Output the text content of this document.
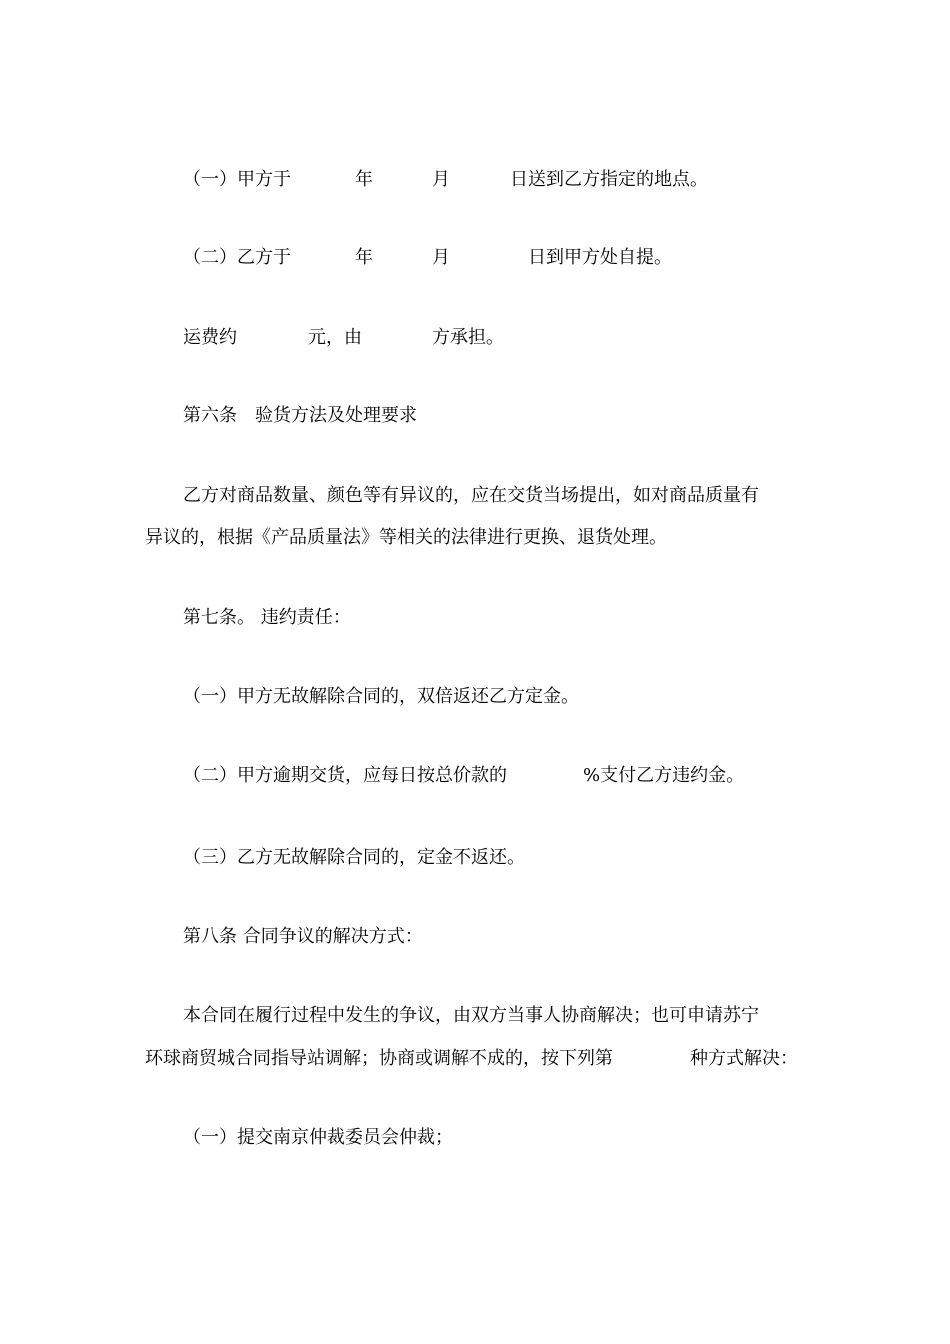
（一）甲方于	年	月	日送到乙方指定的地点。
（二）乙方于	年	月	日到甲方处自提。
运费约	元，由	方承担。
第六条　验货方法及处理要求
乙方对商品数量、颜色等有异议的，应在交货当场提出，如对商品质量有
异议的，根据《产品质量法》等相关的法律进行更换、退货处理。
第七条。 违约责任：
（一）甲方无故解除合同的，双倍返还乙方定金。
（二）甲方逾期交货，应每日按总价款的	%支付乙方违约金。
（三）乙方无故解除合同的，定金不返还。
第八条 合同争议的解决方式：
本合同在履行过程中发生的争议，由双方当事人协商解决；也可申请苏宁
环球商贸城合同指导站调解；协商或调解不成的，按下列第	种方式解决：
（一）提交南京仲裁委员会仲裁；
